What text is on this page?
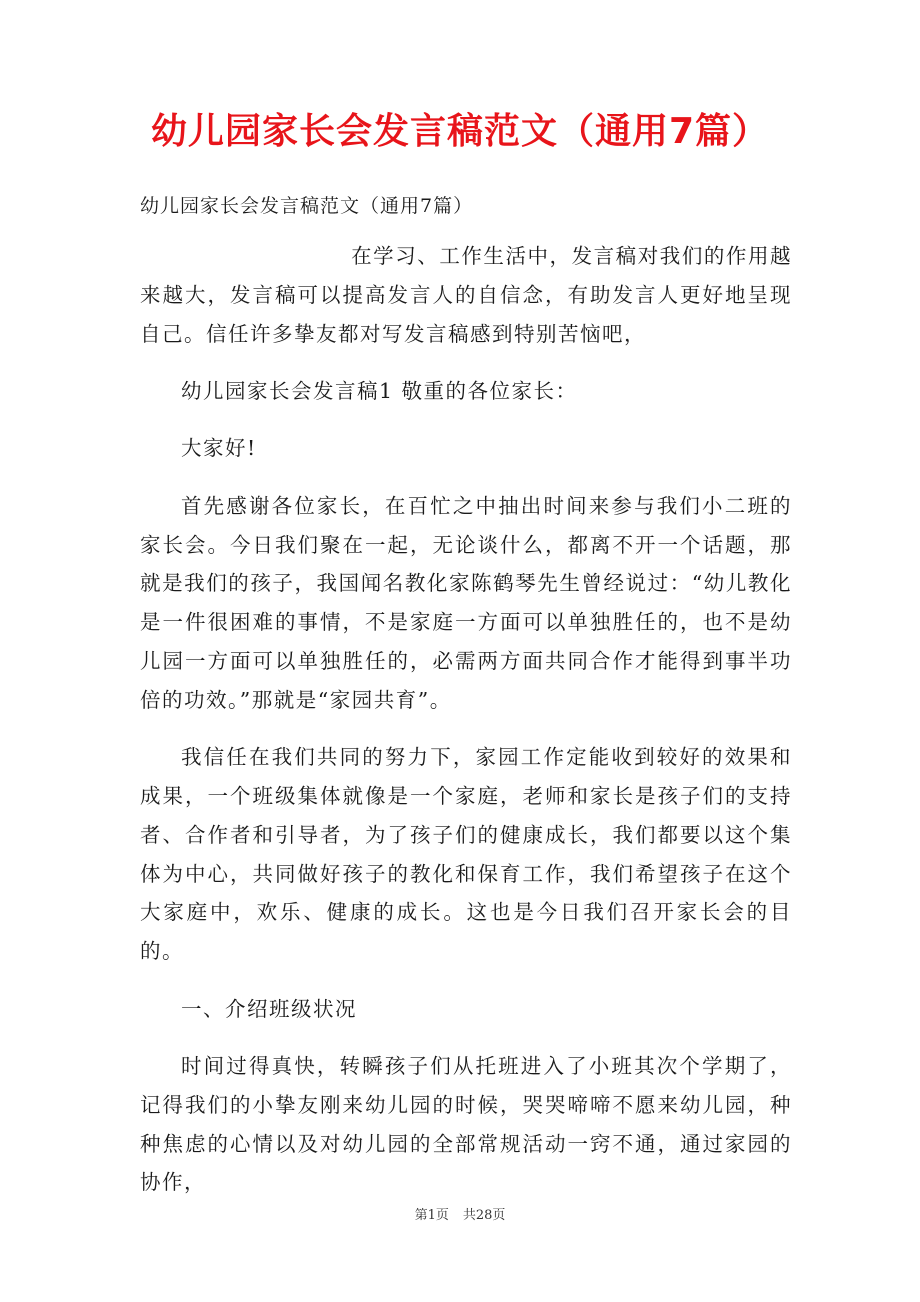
幼儿园家长会发言稿范文（通用7篇）
幼儿园家长会发言稿范文（通用7篇）

在学习、工作生活中，发言稿对我们的作用越来越大，发言稿可以提高发言人的自信念，有助发言人更好地呈现自己。信任许多挚友都对写发言稿感到特别苦恼吧，

幼儿园家长会发言稿1 敬重的各位家长：

大家好!

首先感谢各位家长，在百忙之中抽出时间来参与我们小二班的家长会。今日我们聚在一起，无论谈什么，都离不开一个话题，那就是我们的孩子，我国闻名教化家陈鹤琴先生曾经说过：“幼儿教化是一件很困难的事情，不是家庭一方面可以单独胜任的，也不是幼儿园一方面可以单独胜任的，必需两方面共同合作才能得到事半功倍的功效。”那就是“家园共育”。

我信任在我们共同的努力下，家园工作定能收到较好的效果和成果，一个班级集体就像是一个家庭，老师和家长是孩子们的支持者、合作者和引导者，为了孩子们的健康成长，我们都要以这个集体为中心，共同做好孩子的教化和保育工作，我们希望孩子在这个大家庭中，欢乐、健康的成长。这也是今日我们召开家长会的目的。

一、介绍班级状况

时间过得真快，转瞬孩子们从托班进入了小班其次个学期了，记得我们的小挚友刚来幼儿园的时候，哭哭啼啼不愿来幼儿园，种种焦虑的心情以及对幼儿园的全部常规活动一窍不通，通过家园的协作，

第1页 共28页
